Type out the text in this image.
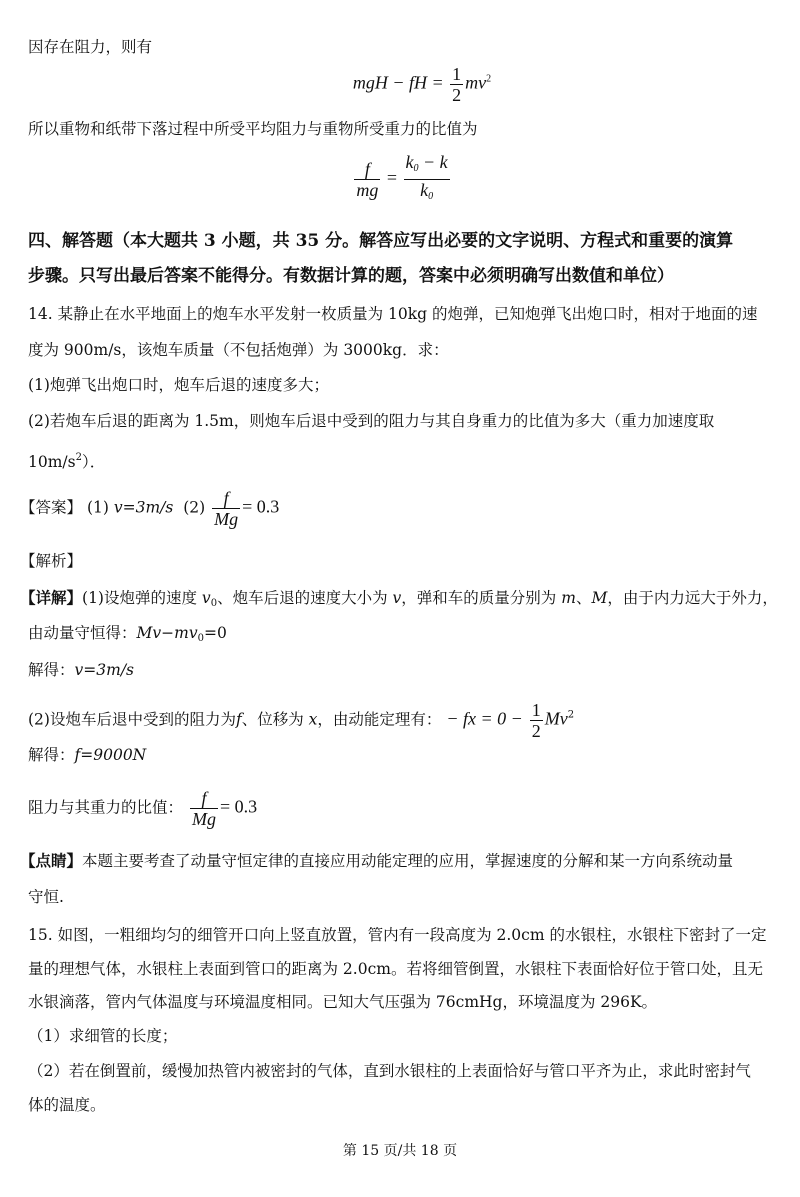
因存在阻力，则有
mgH − fH = $\frac{1}{2} mv^2$
所以重物和纸带下落过程中所受平均阻力与重物所受重力的比值为
$\frac{f}{mg} = \frac{k_0 - k}{k_0}$
四、解答题（本大题共 3 小题，共 35 分。解答应写出必要的文字说明、方程式和重要的演算
步骤。只写出最后答案不能得分。有数据计算的题，答案中必须明确写出数值和单位）
14. 某静止在水平地面上的炮车水平发射一枚质量为 10kg 的炮弹，已知炮弹飞出炮口时，相对于地面的速
度为 900m/s，该炮车质量（不包括炮弹）为 3000kg．求：
(1)炮弹飞出炮口时，炮车后退的速度多大；
(2)若炮车后退的距离为 1.5m，则炮车后退中受到的阻力与其自身重力的比值为多大（重力加速度取
$10m/s^2$）．
【答案】 (1) v=3m/s $(2) \frac{f}{Mg} = 0.3$
【解析】
【详解】(1)设炮弹的速度 $v_0$、炮车后退的速度大小为 v，弹和车的质量分别为 m、M，由于内力远大于外力，
由动量守恒得：$Mv-mv_0=0$
解得：v=3m/s
(2)设炮车后退中受到的阻力为f、位移为 x，由动能定理有： − fx = $0 - \frac{1}{2} Mv^2$
解得：f=9000N
阻力与其重力的比值： $\frac{f}{Mg} = 0.3$
【点睛】本题主要考查了动量守恒定律的直接应用动能定理的应用，掌握速度的分解和某一方向系统动量
守恒.
15. 如图，一粗细均匀的细管开口向上竖直放置，管内有一段高度为 2.0cm 的水银柱，水银柱下密封了一定
量的理想气体，水银柱上表面到管口的距离为 2.0cm。若将细管倒置，水银柱下表面恰好位于管口处，且无
水银滴落，管内气体温度与环境温度相同。已知大气压强为 76cmHg，环境温度为 296K。
（1）求细管的长度；
（2）若在倒置前，缓慢加热管内被密封的气体，直到水银柱的上表面恰好与管口平齐为止，求此时密封气
体的温度。
第 15 页/共 18 页
